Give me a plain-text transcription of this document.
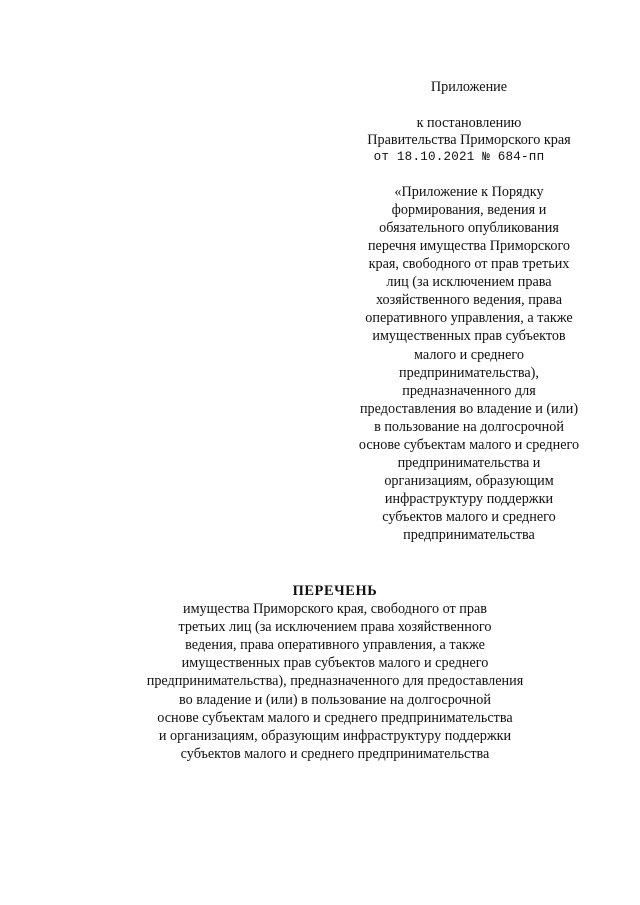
Приложение
к постановлению
Правительства Приморского края
от 18.10.2021 № 684-пп
«Приложение к Порядку
формирования, ведения и
обязательного опубликования
перечня имущества Приморского
края, свободного от прав третьих
лиц (за исключением права
хозяйственного ведения, права
оперативного управления, а также
имущественных прав субъектов
малого и среднего
предпринимательства),
предназначенного для
предоставления во владение и (или)
в пользование на долгосрочной
основе субъектам малого и среднего
предпринимательства и
организациям, образующим
инфраструктуру поддержки
субъектов малого и среднего
предпринимательства
ПЕРЕЧЕНЬ
имущества Приморского края, свободного от прав
третьих лиц (за исключением права хозяйственного
ведения, права оперативного управления, а также
имущественных прав субъектов малого и среднего
предпринимательства), предназначенного для предоставления
во владение и (или) в пользование на долгосрочной
основе субъектам малого и среднего предпринимательства
и организациям, образующим инфраструктуру поддержки
субъектов малого и среднего предпринимательства
